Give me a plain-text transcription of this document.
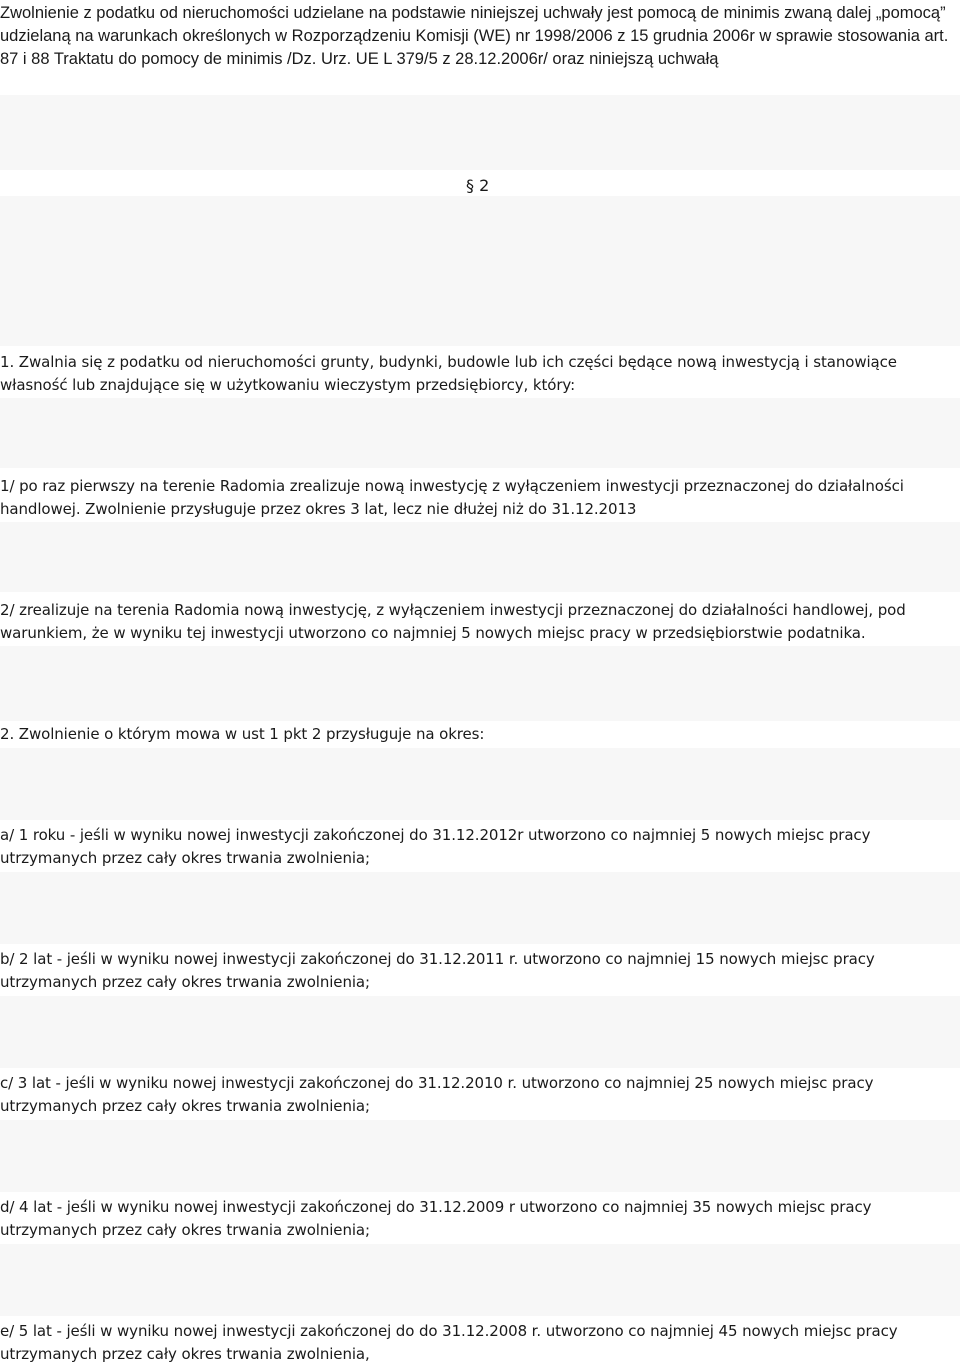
Zwolnienie z podatku od nieruchomości udzielane na podstawie niniejszej uchwały jest pomocą de minimis zwaną dalej „pomocą” udzielaną na warunkach określonych w Rozporządzeniu Komisji (WE) nr 1998/2006 z 15 grudnia 2006r w sprawie stosowania art. 87 i 88 Traktatu do pomocy de minimis /Dz. Urz. UE L 379/5 z 28.12.2006r/ oraz niniejszą uchwałą

§ 2

1. Zwalnia się z podatku od nieruchomości grunty, budynki, budowle lub ich części będące nową inwestycją i stanowiące własność lub znajdujące się w użytkowaniu wieczystym przedsiębiorcy, który:

1/ po raz pierwszy na terenie Radomia zrealizuje nową inwestycję z wyłączeniem inwestycji przeznaczonej do działalności handlowej. Zwolnienie przysługuje przez okres 3 lat, lecz nie dłużej niż do 31.12.2013

2/ zrealizuje na terenia Radomia nową inwestycję, z wyłączeniem inwestycji przeznaczonej do działalności handlowej, pod warunkiem, że w wyniku tej inwestycji utworzono co najmniej 5 nowych miejsc pracy w przedsiębiorstwie podatnika.

2. Zwolnienie o którym mowa w ust 1 pkt 2 przysługuje na okres:

a/ 1 roku - jeśli w wyniku nowej inwestycji zakończonej do 31.12.2012r utworzono co najmniej 5 nowych miejsc pracy utrzymanych przez cały okres trwania zwolnienia;

b/ 2 lat - jeśli w wyniku nowej inwestycji zakończonej do 31.12.2011 r. utworzono co najmniej 15 nowych miejsc pracy utrzymanych przez cały okres trwania zwolnienia;

c/ 3 lat - jeśli w wyniku nowej inwestycji zakończonej do 31.12.2010 r. utworzono co najmniej 25 nowych miejsc pracy utrzymanych przez cały okres trwania zwolnienia;

d/ 4 lat - jeśli w wyniku nowej inwestycji zakończonej do 31.12.2009 r utworzono co najmniej 35 nowych miejsc pracy utrzymanych przez cały okres trwania zwolnienia;

e/ 5 lat - jeśli w wyniku nowej inwestycji zakończonej do do 31.12.2008 r. utworzono co najmniej 45 nowych miejsc pracy utrzymanych przez cały okres trwania zwolnienia,
